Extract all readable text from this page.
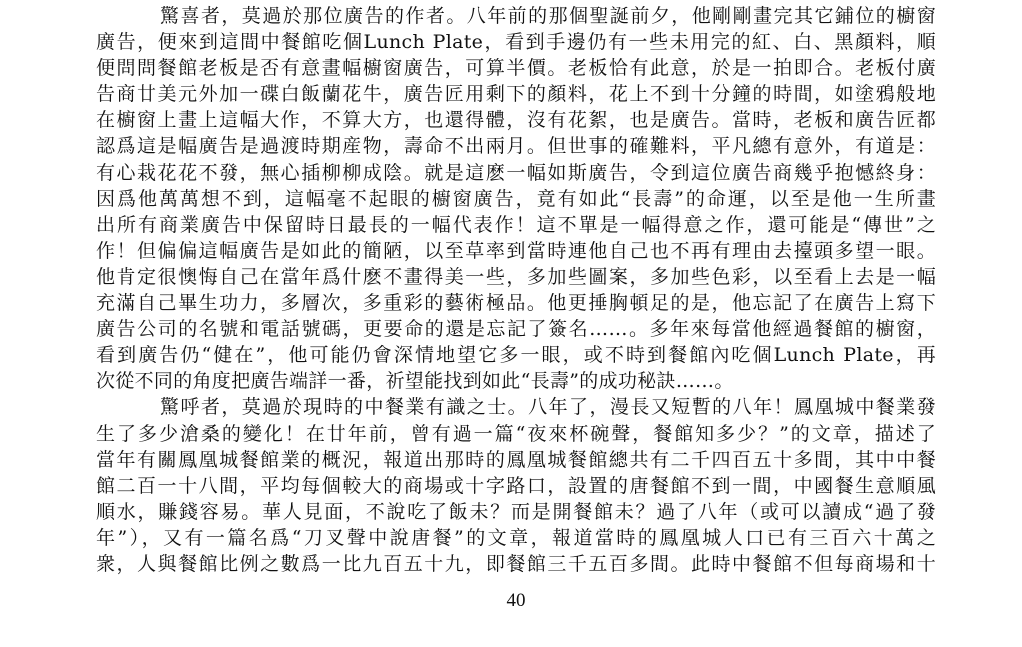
驚喜者，莫過於那位廣告的作者。八年前的那個聖誕前夕，他剛剛畫完其它鋪位的櫥窗
廣告，便來到這間中餐館吃個Lunch Plate，看到手邊仍有一些未用完的紅、白、黑顏料，順
便問問餐館老板是否有意畫幅櫥窗廣告，可算半價。老板恰有此意，於是一拍即合。老板付廣
告商廿美元外加一碟白飯蘭花牛，廣告匠用剩下的顏料，花上不到十分鐘的時間，如塗鴉般地
在櫥窗上畫上這幅大作，不算大方，也還得體，沒有花絮，也是廣告。當時，老板和廣告匠都
認爲這是幅廣告是過渡時期産物，壽命不出兩月。但世事的確難料，平凡總有意外，有道是：
有心栽花花不發，無心插柳柳成陰。就是這麽一幅如斯廣告，令到這位廣告商幾乎抱憾終身：
因爲他萬萬想不到，這幅毫不起眼的櫥窗廣告，竟有如此“長壽”的命運，以至是他一生所畫
出所有商業廣告中保留時日最長的一幅代表作！這不單是一幅得意之作，還可能是“傳世”之
作！但偏偏這幅廣告是如此的簡陋，以至草率到當時連他自己也不再有理由去擡頭多望一眼。
他肯定很懊悔自己在當年爲什麽不畫得美一些，多加些圖案，多加些色彩，以至看上去是一幅
充滿自己畢生功力，多層次，多重彩的藝術極品。他更捶胸頓足的是，他忘記了在廣告上寫下
廣告公司的名號和電話號碼，更要命的還是忘記了簽名……。多年來每當他經過餐館的櫥窗，
看到廣告仍“健在”，他可能仍會深情地望它多一眼，或不時到餐館內吃個Lunch Plate，再
次從不同的角度把廣告端詳一番，祈望能找到如此“長壽”的成功秘訣……。
驚呼者，莫過於現時的中餐業有識之士。八年了，漫長又短暫的八年！鳳凰城中餐業發
生了多少滄桑的變化！在廿年前，曾有過一篇“夜來杯碗聲，餐館知多少？”的文章，描述了
當年有關鳳凰城餐館業的概況，報道出那時的鳳凰城餐館總共有二千四百五十多間，其中中餐
館二百一十八間，平均每個較大的商場或十字路口，設置的唐餐館不到一間，中國餐生意順風
順水，賺錢容易。華人見面，不說吃了飯未？而是開餐館未？過了八年（或可以讀成“過了發
年”），又有一篇名爲“刀叉聲中說唐餐”的文章，報道當時的鳳凰城人口已有三百六十萬之
衆，人與餐館比例之數爲一比九百五十九，即餐館三千五百多間。此時中餐館不但每商場和十
40
